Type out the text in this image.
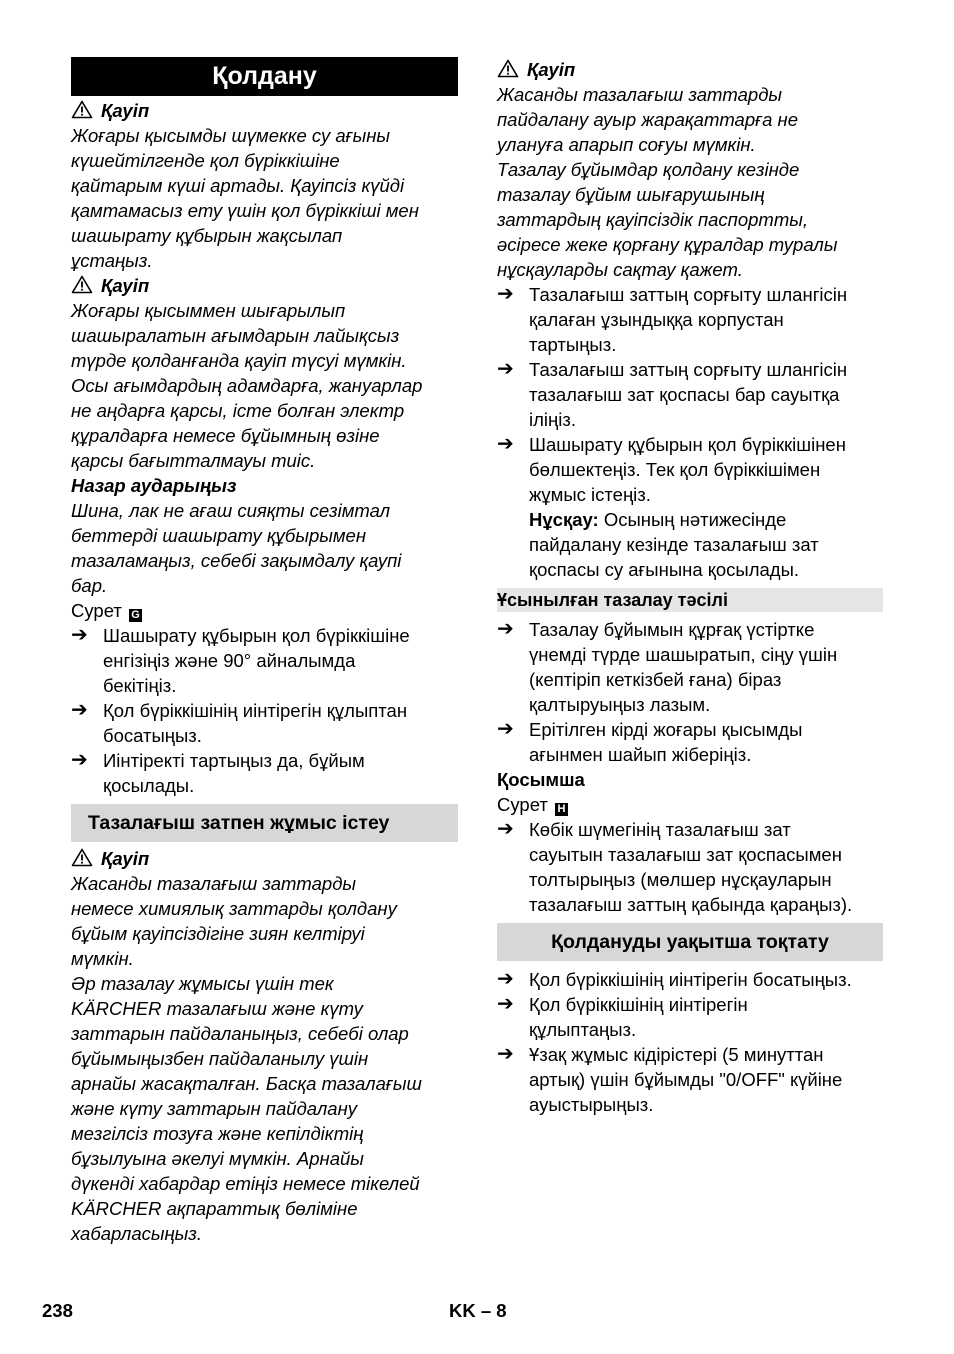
Қолдану
Қауіп
Жоғары қысымды шүмекке су ағыны
күшейтілгенде қол бүріккішіне
қайтарым күші артады. Қауіпсіз күйді
қамтамасыз ету үшін қол бүріккіші мен
шашырату құбырын жақсылап
ұстаңыз.
Қауіп
Жоғары қысыммен шығарылып
шашыралатын ағымдарын лайықсыз
түрде қолданғанда қауіп түсуі мүмкін.
Осы ағымдардың адамдарға, жануарлар
не аңдарға қарсы, істе болған электр
құралдарға немесе бұйымның өзіне
қарсы бағытталмауы тиіс.
Назар аударыңыз
Шина, лак не ағаш сияқты сезімтал
беттерді шашырату құбырымен
тазаламаңыз, себебі зақымдалу қаупі
бар.
Сурет G
➔ Шашырату құбырын қол бүріккішіне
енгізіңіз және 90° айналымда
бекітіңіз.
➔ Қол бүріккішінің иінтірегін құлыптан
босатыңыз.
➔ Иінтіректі тартыңыз да, бұйым
қосылады.
Тазалағыш затпен жұмыс істеу
Қауіп
Жасанды тазалағыш заттарды
немесе химиялық заттарды қолдану
бұйым қауіпсіздігіне зиян келтіруі
мүмкін.
Әр тазалау жұмысы үшін тек
KÄRCHER тазалағыш және күту
заттарын пайдаланыңыз, себебі олар
бұйымыңызбен пайдаланылу үшін
арнайы жасақталған. Басқа тазалағыш
және күту заттарын пайдалану
мезгілсіз тозуға және кепілдіктің
бұзылуына әкелуі мүмкін. Арнайы
дүкенді хабардар етіңіз немесе тікелей
KÄRCHER ақпараттық бөліміне
хабарласыңыз.
Қауіп
Жасанды тазалағыш заттарды
пайдалану ауыр жарақаттарға не
улануға апарып соғуы мүмкін.
Тазалау бұйымдар қолдану кезінде
тазалау бұйым шығарушының
заттардың қауіпсіздік паспортты,
әсіресе жеке қорғану құралдар туралы
нұсқауларды сақтау қажет.
➔ Тазалағыш заттың сорғыту шлангісін
қалаған ұзындыққа корпустан
тартыңыз.
➔ Тазалағыш заттың сорғыту шлангісін
тазалағыш зат қоспасы бар сауытқа
іліңіз.
➔ Шашырату құбырын қол бүріккішінен
бөлшектеңіз. Тек қол бүріккішімен
жұмыс істеңіз.
Нұсқау: Осының нәтижесінде
пайдалану кезінде тазалағыш зат
қоспасы су ағынына қосылады.
Ұсынылған тазалау тәсілі
➔ Тазалау бұйымын құрғақ үстіртке
үнемді түрде шашыратып, сіңу үшін
(кептіріп кеткізбей ғана) біраз
қалтыруыңыз лазым.
➔ Ерітілген кірді жоғары қысымды
ағынмен шайып жіберіңіз.
Қосымша
Сурет H
➔ Көбік шүмегінің тазалағыш зат
сауытын тазалағыш зат қоспасымен
толтырыңыз (мөлшер нұсқауларын
тазалағыш заттың қабында қараңыз).
Қолдануды уақытша тоқтату
➔ Қол бүріккішінің иінтірегін босатыңыз.
➔ Қол бүріккішінің иінтірегін
құлыптаңыз.
➔ Ұзақ жұмыс кідірістері (5 минуттан
артық) үшін бұйымды "0/OFF" күйіне
ауыстырыңыз.
238	KK – 8
